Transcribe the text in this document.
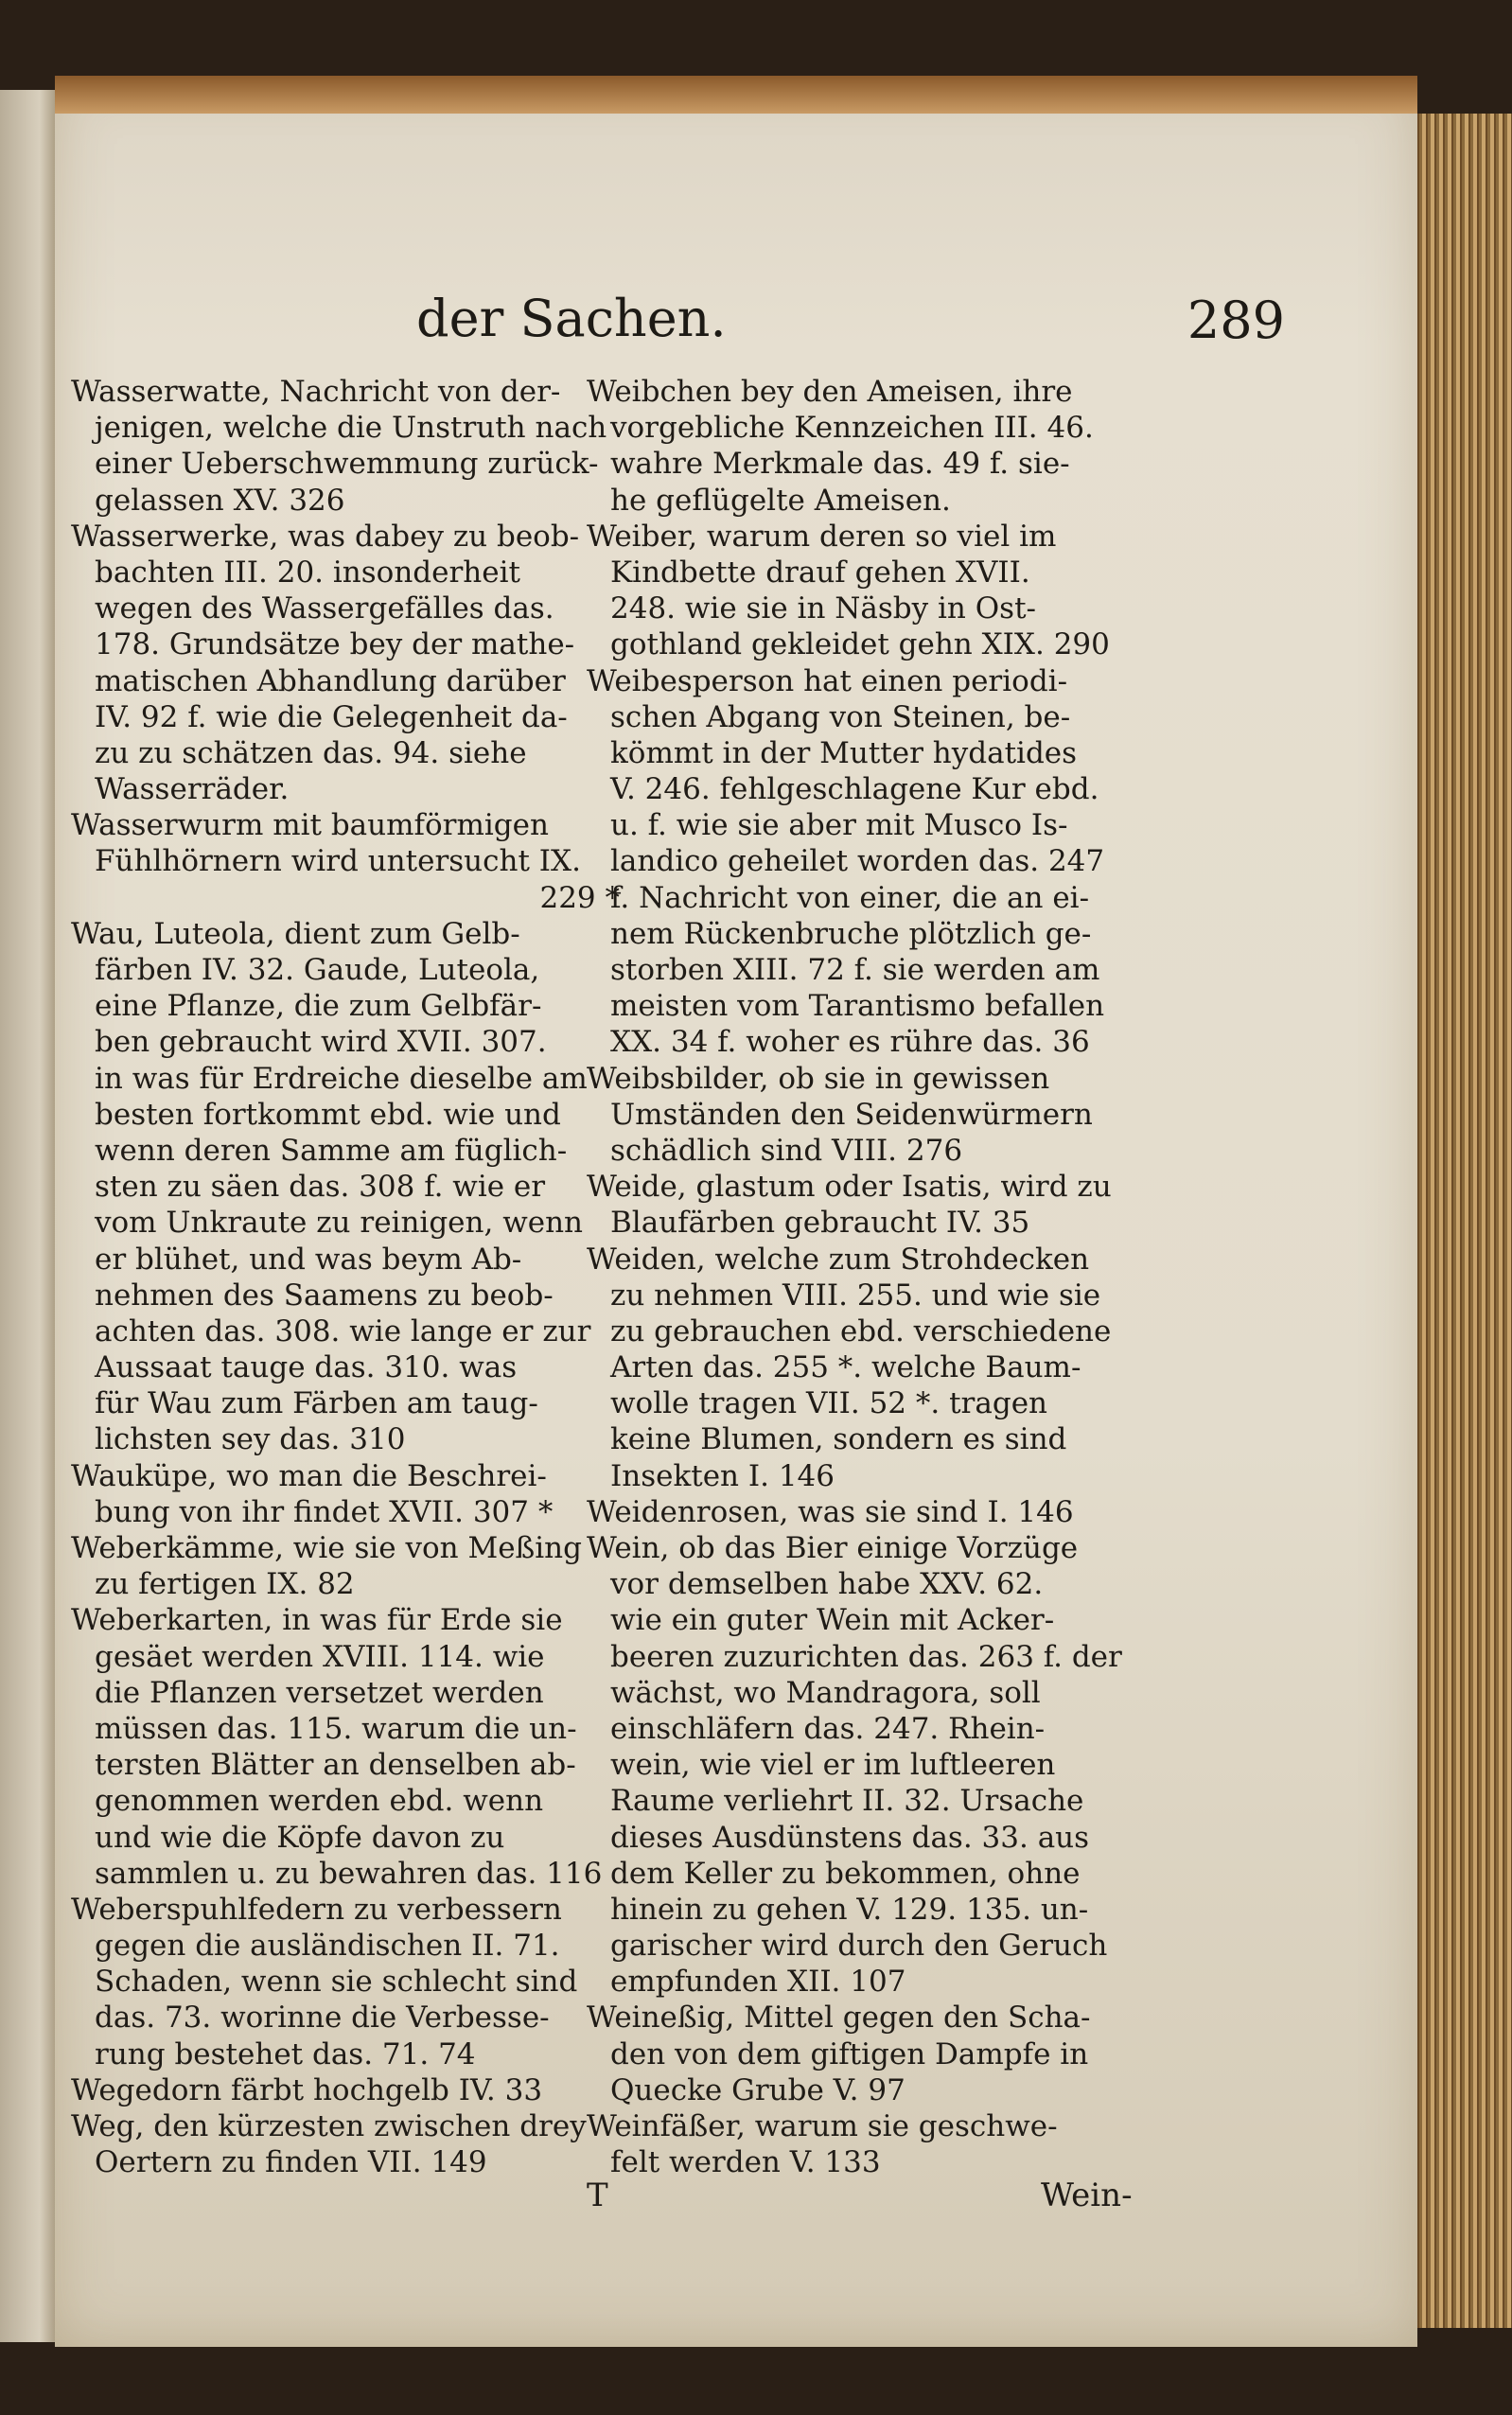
der Sachen.	289
Wasserwatte, Nachricht von der-
jenigen, welche die Unstruth nach
einer Ueberschwemmung zurück-
gelassen XV. 326
Wasserwerke, was dabey zu beob-
bachten III. 20. insonderheit
wegen des Wassergefälles das.
178. Grundsätze bey der mathe-
matischen Abhandlung darüber
IV. 92 f. wie die Gelegenheit da-
zu zu schätzen das. 94. siehe
Wasserräder.
Wasserwurm mit baumförmigen
Fühlhörnern wird untersucht IX.
229 *
Wau, Luteola, dient zum Gelb-
färben IV. 32. Gaude, Luteola,
eine Pflanze, die zum Gelbfär-
ben gebraucht wird XVII. 307.
in was für Erdreiche dieselbe am
besten fortkommt ebd. wie und
wenn deren Samme am füglich-
sten zu säen das. 308 f. wie er
vom Unkraute zu reinigen, wenn
er blühet, und was beym Ab-
nehmen des Saamens zu beob-
achten das. 308. wie lange er zur
Aussaat tauge das. 310. was
für Wau zum Färben am taug-
lichsten sey das. 310
Wauküpe, wo man die Beschrei-
bung von ihr findet XVII. 307 *
Weberkämme, wie sie von Meßing
zu fertigen IX. 82
Weberkarten, in was für Erde sie
gesäet werden XVIII. 114. wie
die Pflanzen versetzet werden
müssen das. 115. warum die un-
tersten Blätter an denselben ab-
genommen werden ebd. wenn
und wie die Köpfe davon zu
sammlen u. zu bewahren das. 116
Weberspuhlfedern zu verbessern
gegen die ausländischen II. 71.
Schaden, wenn sie schlecht sind
das. 73. worinne die Verbesse-
rung bestehet das. 71. 74
Wegedorn färbt hochgelb IV. 33
Weg, den kürzesten zwischen drey
Oertern zu finden VII. 149
Weibchen bey den Ameisen, ihre
vorgebliche Kennzeichen III. 46.
wahre Merkmale das. 49 f. sie-
he geflügelte Ameisen.
Weiber, warum deren so viel im
Kindbette drauf gehen XVII.
248. wie sie in Näsby in Ost-
gothland gekleidet gehn XIX. 290
Weibesperson hat einen periodi-
schen Abgang von Steinen, be-
kömmt in der Mutter hydatides
V. 246. fehlgeschlagene Kur ebd.
u. f. wie sie aber mit Musco Is-
landico geheilet worden das. 247
f. Nachricht von einer, die an ei-
nem Rückenbruche plötzlich ge-
storben XIII. 72 f. sie werden am
meisten vom Tarantismo befallen
XX. 34 f. woher es rühre das. 36
Weibsbilder, ob sie in gewissen
Umständen den Seidenwürmern
schädlich sind VIII. 276
Weide, glastum oder Isatis, wird zu
Blaufärben gebraucht IV. 35
Weiden, welche zum Strohdecken
zu nehmen VIII. 255. und wie sie
zu gebrauchen ebd. verschiedene
Arten das. 255 *. welche Baum-
wolle tragen VII. 52 *. tragen
keine Blumen, sondern es sind
Insekten I. 146
Weidenrosen, was sie sind I. 146
Wein, ob das Bier einige Vorzüge
vor demselben habe XXV. 62.
wie ein guter Wein mit Acker-
beeren zuzurichten das. 263 f. der
wächst, wo Mandragora, soll
einschläfern das. 247. Rhein-
wein, wie viel er im luftleeren
Raume verliehrt II. 32. Ursache
dieses Ausdünstens das. 33. aus
dem Keller zu bekommen, ohne
hinein zu gehen V. 129. 135. un-
garischer wird durch den Geruch
empfunden XII. 107
Weineßig, Mittel gegen den Scha-
den von dem giftigen Dampfe in
Quecke Grube V. 97
Weinfäßer, warum sie geschwe-
felt werden V. 133
T	Wein-
